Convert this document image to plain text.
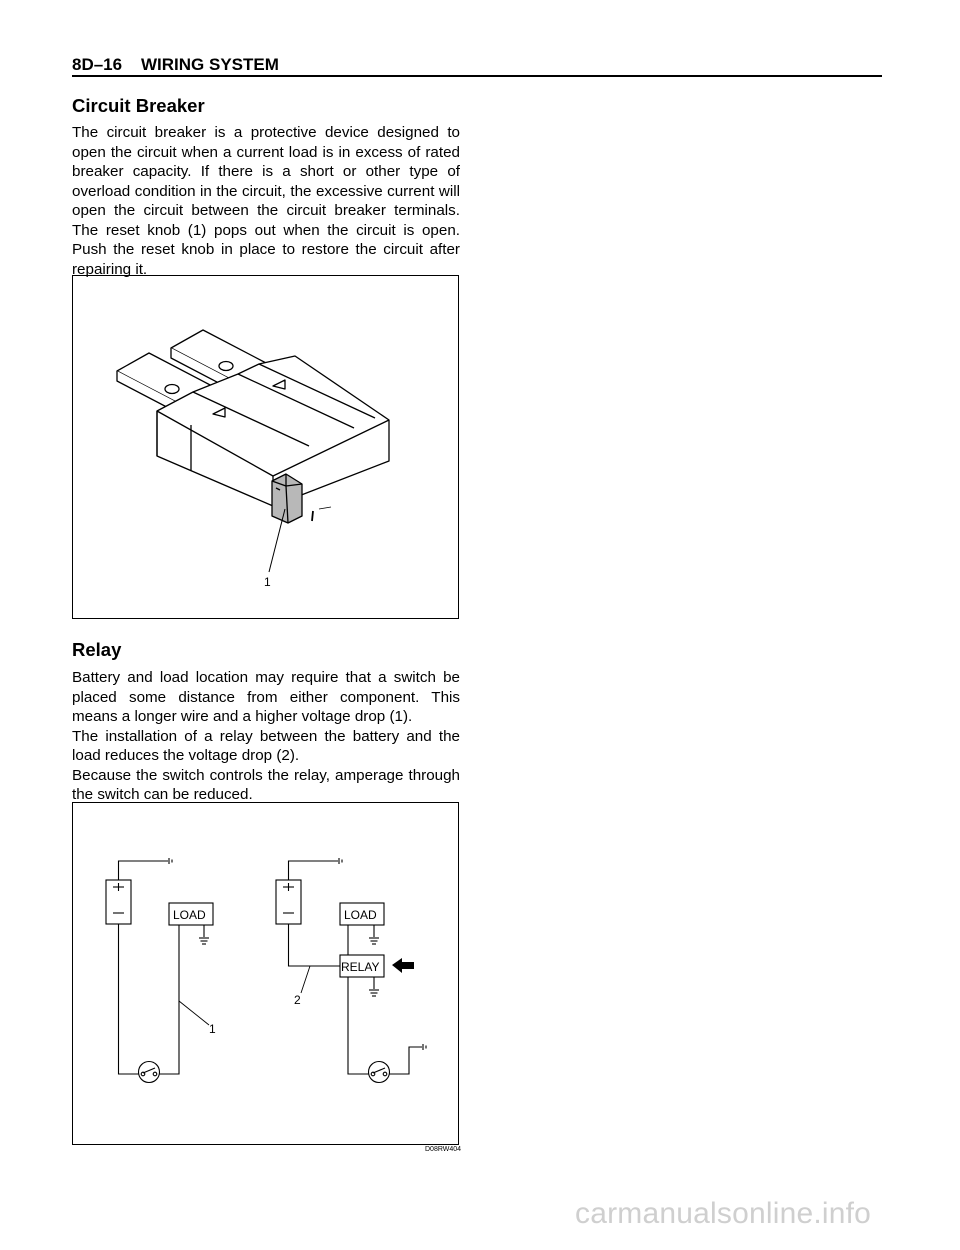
8D–16    WIRING SYSTEM
Circuit Breaker
The circuit breaker is a protective device designed to open the circuit when a current load is in excess of rated breaker capacity. If there is a short or other type of overload condition in the circuit, the excessive current will open the circuit between the circuit breaker terminals. The reset knob (1) pops out when the circuit is open. Push the reset knob in place to restore the circuit after repairing it.
1
Relay

Battery and load location may require that a switch be placed some distance from either component. This means a longer wire and a higher voltage drop (1).

The installation of a relay between the battery and the load reduces the voltage drop (2).

Because the switch controls the relay, amperage through the switch can be reduced.

LOAD	LOAD
RELAY
1
2
D08RW404
carmanualsonline.info
